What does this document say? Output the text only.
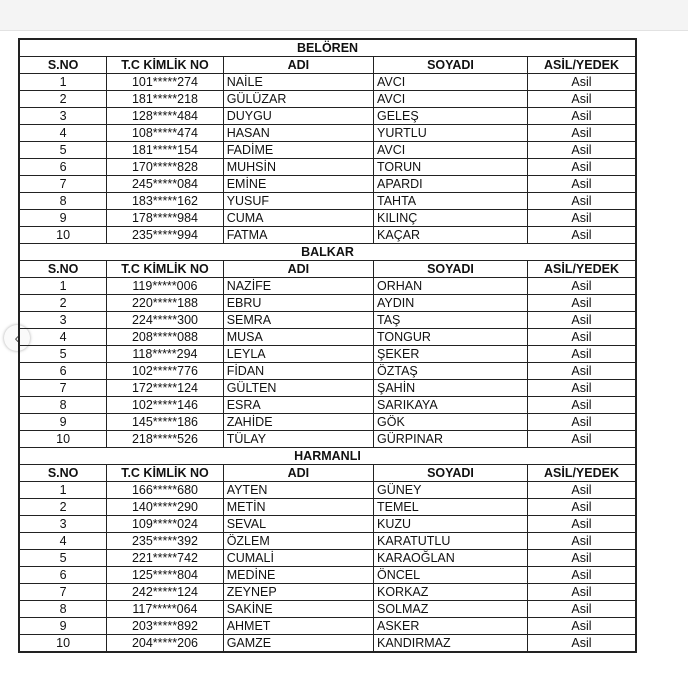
‹
BELÖREN				
S.NO	T.C KİMLİK NO	ADI	SOYADI	ASİL/YEDEK
1	101*****274	NAİLE	AVCI	Asil
2	181*****218	GÜLÜZAR	AVCI	Asil
3	128*****484	DUYGU	GELEŞ	Asil
4	108*****474	HASAN	YURTLU	Asil
5	181*****154	FADİME	AVCI	Asil
6	170*****828	MUHSİN	TORUN	Asil
7	245*****084	EMİNE	APARDI	Asil
8	183*****162	YUSUF	TAHTA	Asil
9	178*****984	CUMA	KILINÇ	Asil
10	235*****994	FATMA	KAÇAR	Asil
BALKAR				
S.NO	T.C KİMLİK NO	ADI	SOYADI	ASİL/YEDEK
1	119*****006	NAZİFE	ORHAN	Asil
2	220*****188	EBRU	AYDIN	Asil
3	224*****300	SEMRA	TAŞ	Asil
4	208*****088	MUSA	TONGUR	Asil
5	118*****294	LEYLA	ŞEKER	Asil
6	102*****776	FİDAN	ÖZTAŞ	Asil
7	172*****124	GÜLTEN	ŞAHİN	Asil
8	102*****146	ESRA	SARIKAYA	Asil
9	145*****186	ZAHİDE	GÖK	Asil
10	218*****526	TÜLAY	GÜRPINAR	Asil
HARMANLI				
S.NO	T.C KİMLİK NO	ADI	SOYADI	ASİL/YEDEK
1	166*****680	AYTEN	GÜNEY	Asil
2	140*****290	METİN	TEMEL	Asil
3	109*****024	SEVAL	KUZU	Asil
4	235*****392	ÖZLEM	KARATUTLU	Asil
5	221*****742	CUMALİ	KARAOĞLAN	Asil
6	125*****804	MEDİNE	ÖNCEL	Asil
7	242*****124	ZEYNEP	KORKAZ	Asil
8	117*****064	SAKİNE	SOLMAZ	Asil
9	203*****892	AHMET	ASKER	Asil
10	204*****206	GAMZE	KANDIRMAZ	Asil
